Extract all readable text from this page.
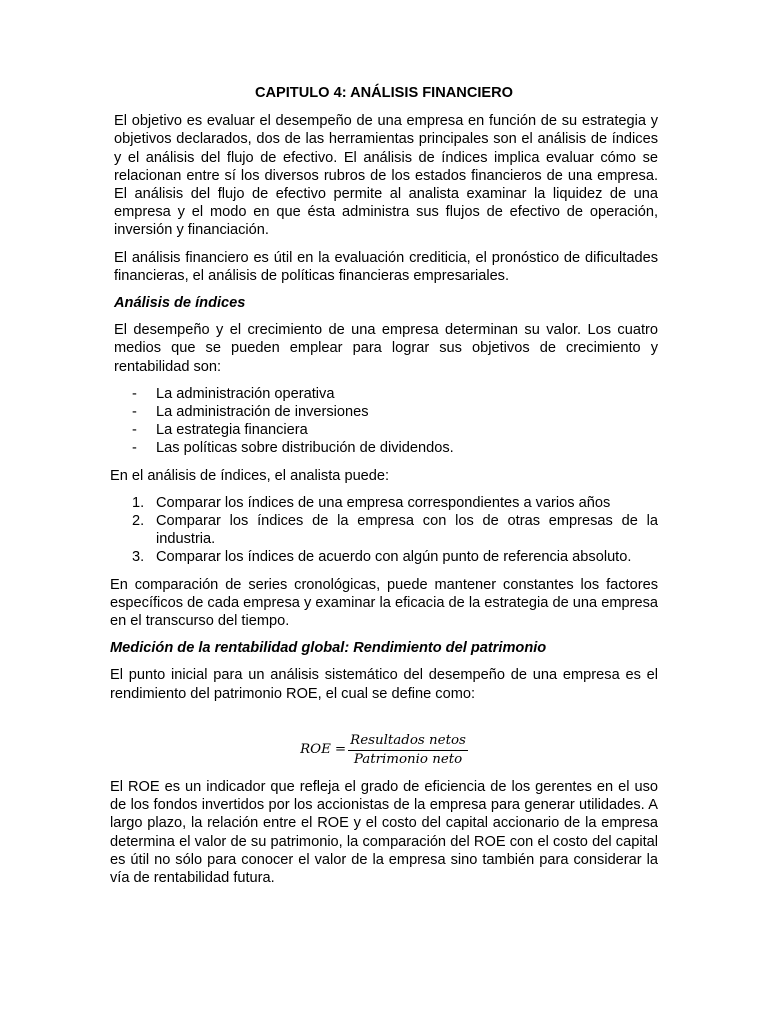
CAPITULO 4: ANÁLISIS FINANCIERO

El objetivo es evaluar el desempeño de una empresa en función de su estrategia y objetivos declarados, dos de las herramientas principales son el análisis de índices y el análisis del flujo de efectivo. El análisis de índices implica evaluar cómo se relacionan entre sí los diversos rubros de los estados financieros de una empresa. El análisis del flujo de efectivo permite al analista examinar la liquidez de una empresa y el modo en que ésta administra sus flujos de efectivo de operación, inversión y financiación.

El análisis financiero es útil en la evaluación crediticia, el pronóstico de dificultades financieras, el análisis de políticas financieras empresariales.

Análisis de índices

El desempeño y el crecimiento de una empresa determinan su valor. Los cuatro medios que se pueden emplear para lograr sus objetivos de crecimiento y rentabilidad son:

- La administración operativa
- La administración de inversiones
- La estrategia financiera
- Las políticas sobre distribución de dividendos.

En el análisis de índices, el analista puede:

1. Comparar los índices de una empresa correspondientes a varios años
2. Comparar los índices de la empresa con los de otras empresas de la industria.
3. Comparar los índices de acuerdo con algún punto de referencia absoluto.

En comparación de series cronológicas, puede mantener constantes los factores específicos de cada empresa y examinar la eficacia de la estrategia de una empresa en el transcurso del tiempo.

Medición de la rentabilidad global: Rendimiento del patrimonio

El punto inicial para un análisis sistemático del desempeño de una empresa es el rendimiento del patrimonio ROE, el cual se define como:

ROE = $\frac{\text{Resultados netos}}{\text{Patrimonio neto}}$

El ROE es un indicador que refleja el grado de eficiencia de los gerentes en el uso de los fondos invertidos por los accionistas de la empresa para generar utilidades. A largo plazo, la relación entre el ROE y el costo del capital accionario de la empresa determina el valor de su patrimonio, la comparación del ROE con el costo del capital es útil no sólo para conocer el valor de la empresa sino también para considerar la vía de rentabilidad futura.
